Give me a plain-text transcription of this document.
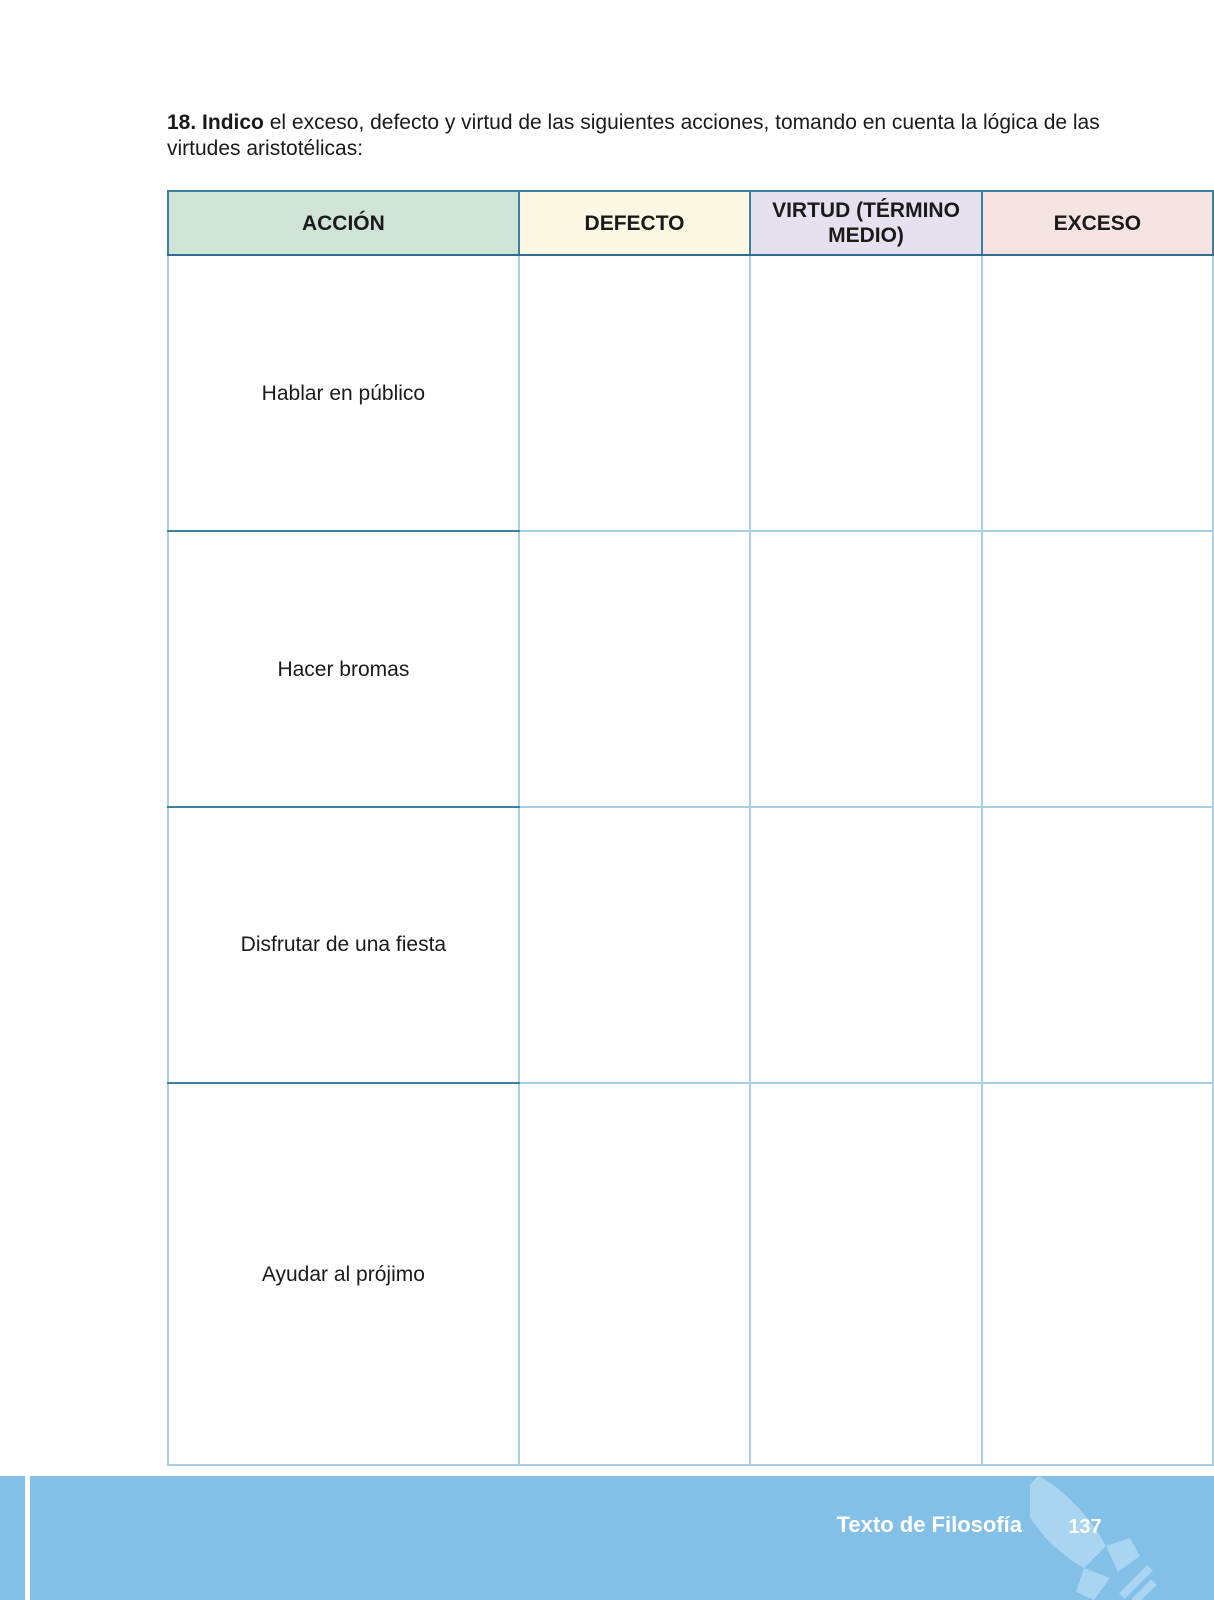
18. Indico el exceso, defecto y virtud de las siguientes acciones, tomando en cuenta la lógica de las virtudes aristotélicas:
ACCIÓN	DEFECTO	VIRTUD (TÉRMINO MEDIO)	EXCESO
Hablar en público			
Hacer bromas			
Disfrutar de una fiesta			
Ayudar al prójimo			
Texto de Filosofía	137
